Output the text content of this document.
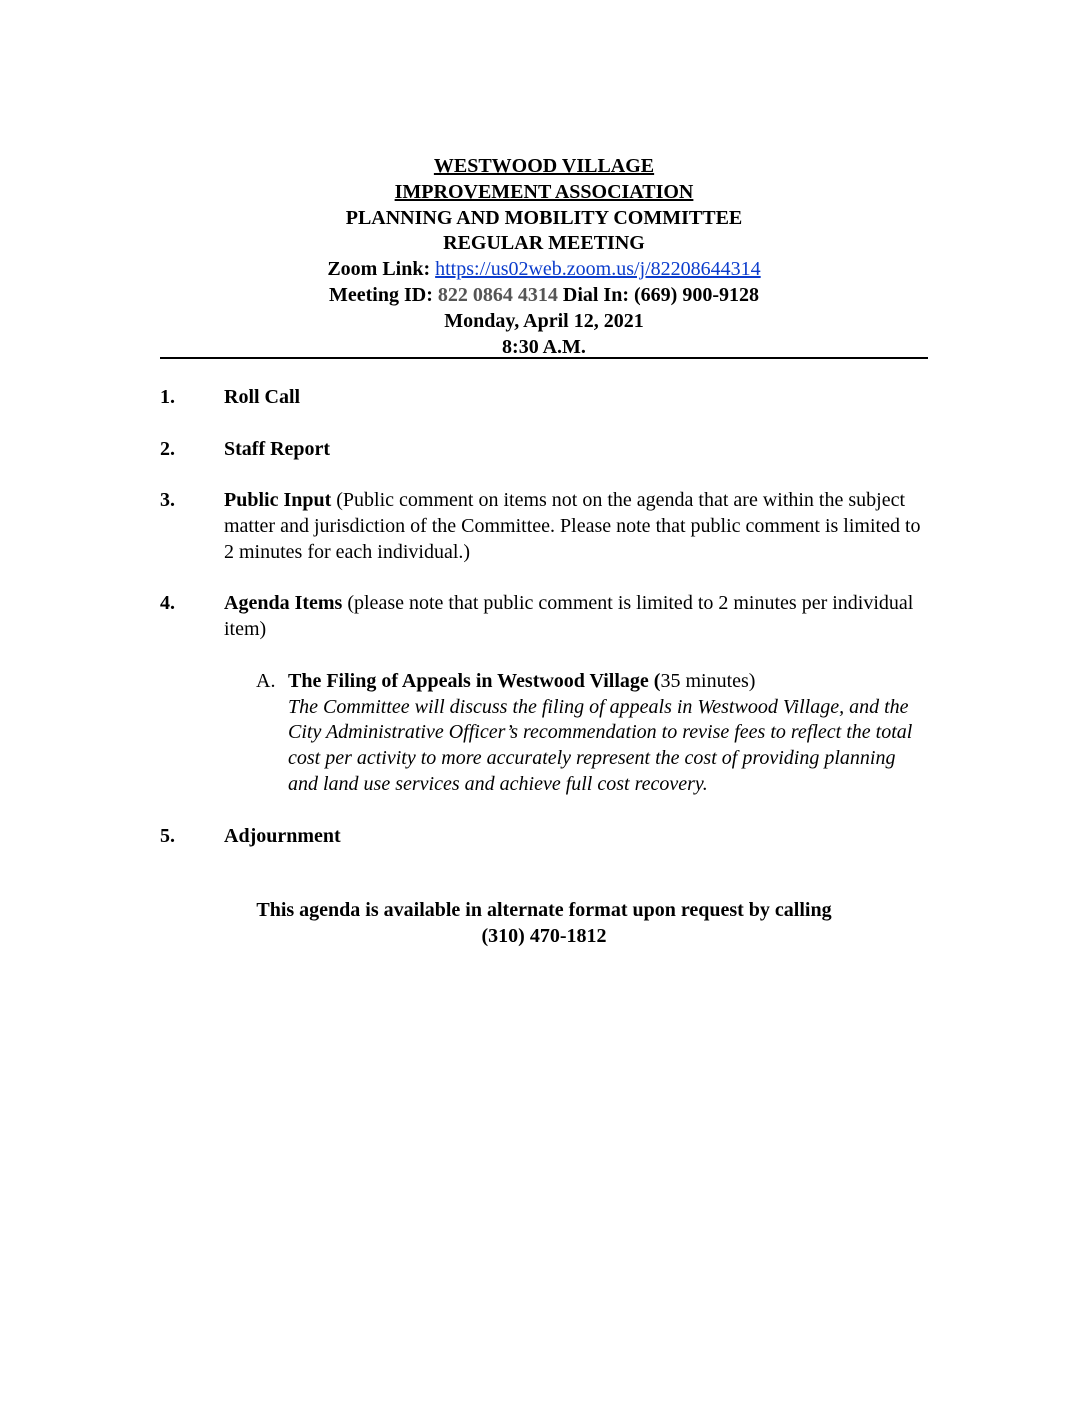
WESTWOOD VILLAGE
IMPROVEMENT ASSOCIATION
PLANNING AND MOBILITY COMMITTEE
REGULAR MEETING
Zoom Link: https://us02web.zoom.us/j/82208644314
Meeting ID: 822 0864 4314 Dial In: (669) 900-9128
Monday, April 12, 2021
8:30 A.M.
1. Roll Call
2. Staff Report
3. Public Input (Public comment on items not on the agenda that are within the subject matter and jurisdiction of the Committee. Please note that public comment is limited to 2 minutes for each individual.)
4. Agenda Items (please note that public comment is limited to 2 minutes per individual item)
A. The Filing of Appeals in Westwood Village (35 minutes)
The Committee will discuss the filing of appeals in Westwood Village, and the City Administrative Officer’s recommendation to revise fees to reflect the total cost per activity to more accurately represent the cost of providing planning and land use services and achieve full cost recovery.
5. Adjournment
This agenda is available in alternate format upon request by calling
(310) 470-1812
